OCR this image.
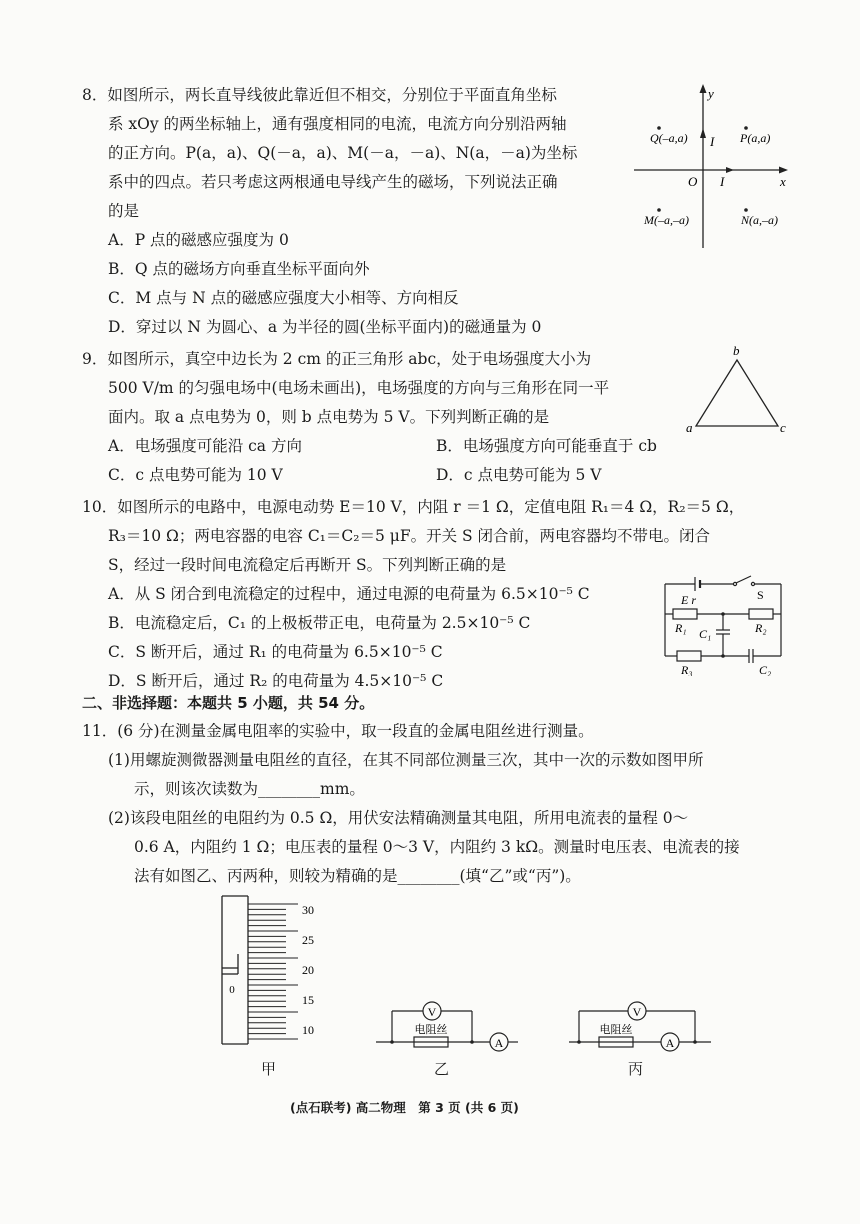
8．如图所示，两长直导线彼此靠近但不相交，分别位于平面直角坐标
系 xOy 的两坐标轴上，通有强度相同的电流，电流方向分别沿两轴
的正方向。P(a，a)、Q(－a，a)、M(－a，－a)、N(a，－a)为坐标
系中的四点。若只考虑这两根通电导线产生的磁场，下列说法正确
的是
A．P 点的磁感应强度为 0
B．Q 点的磁场方向垂直坐标平面向外
C．M 点与 N 点的磁感应强度大小相等、方向相反
D．穿过以 N 为圆心、a 为半径的圆(坐标平面内)的磁通量为 0
y
x
O
I
I
Q(–a,a)	P(a,a)
M(–a,–a)	N(a,–a)
9．如图所示，真空中边长为 2 cm 的正三角形 abc，处于电场强度大小为
500 V/m 的匀强电场中(电场未画出)，电场强度的方向与三角形在同一平
面内。取 a 点电势为 0，则 b 点电势为 5 V。下列判断正确的是
A．电场强度可能沿 ca 方向	B．电场强度方向可能垂直于 cb
C．c 点电势可能为 10 V	D．c 点电势可能为 5 V
b
a	c
10．如图所示的电路中，电源电动势 E＝10 V，内阻 r ＝1 Ω，定值电阻 R₁＝4 Ω，R₂＝5 Ω，
R₃＝10 Ω；两电容器的电容 C₁＝C₂＝5 μF。开关 S 闭合前，两电容器均不带电。闭合
S，经过一段时间电流稳定后再断开 S。下列判断正确的是
A．从 S 闭合到电流稳定的过程中，通过电源的电荷量为 6.5×10⁻⁵ C
B．电流稳定后，C₁ 的上极板带正电，电荷量为 2.5×10⁻⁵ C
C．S 断开后，通过 R₁ 的电荷量为 6.5×10⁻⁵ C
D．S 断开后，通过 R₂ 的电荷量为 4.5×10⁻⁵ C
E r	S
R₁ C₁	R₂
R₃	C₂
二、非选择题：本题共 5 小题，共 54 分。
11．(6 分)在测量金属电阻率的实验中，取一段直的金属电阻丝进行测量。
(1)用螺旋测微器测量电阻丝的直径，在其不同部位测量三次，其中一次的示数如图甲所
示，则该次读数为________mm。
(2)该段电阻丝的电阻约为 0.5 Ω，用伏安法精确测量其电阻，所用电流表的量程 0～
0.6 A，内阻约 1 Ω；电压表的量程 0～3 V，内阻约 3 kΩ。测量时电压表、电流表的接
法有如图乙、丙两种，则较为精确的是________(填“乙”或“丙”)。
0
30
25
20
15
10
甲
V
A
电阻丝
乙
V
A
电阻丝
丙
(点石联考) 高二物理　第 3 页 (共 6 页)
